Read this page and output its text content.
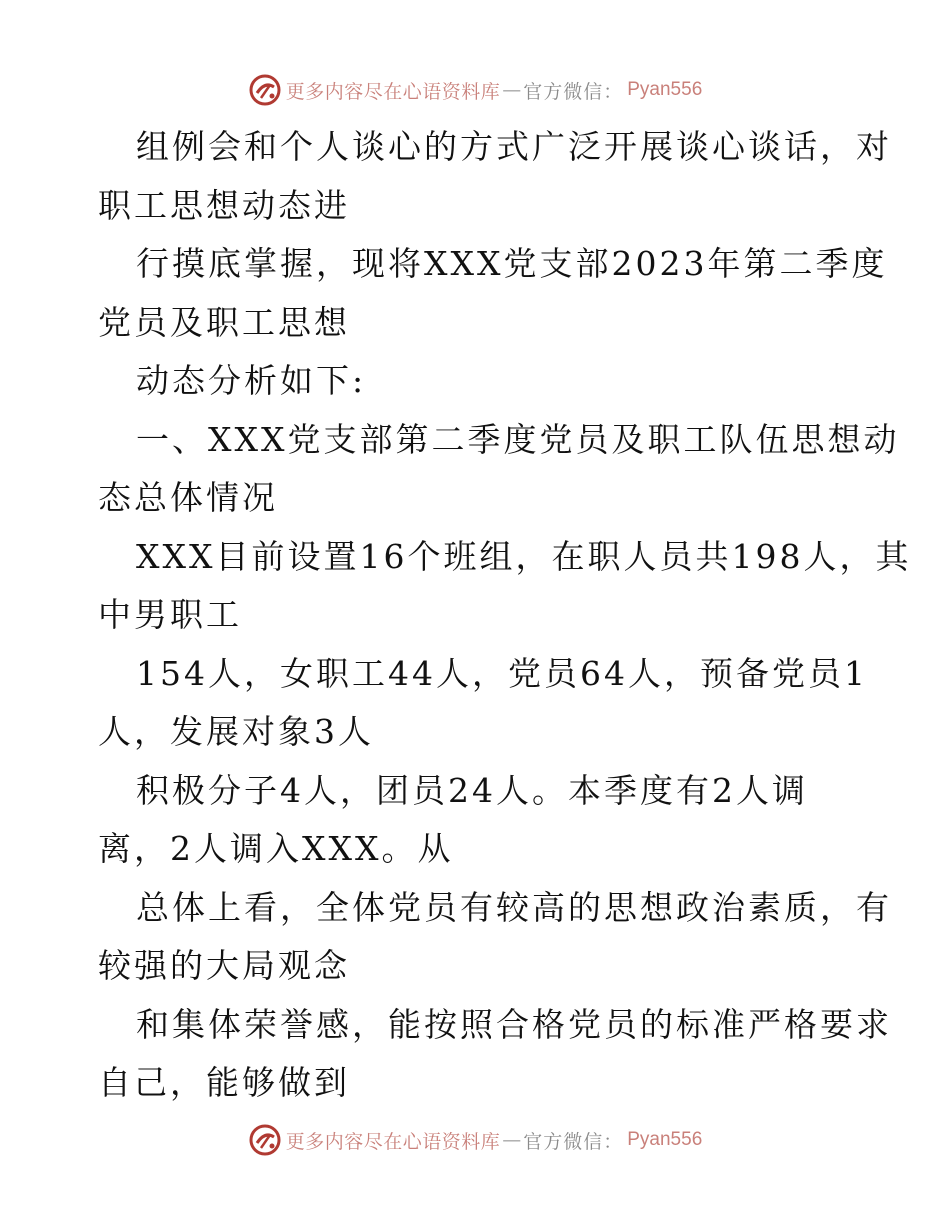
更多内容尽在心语资料库 — 官方微信： Pyan556
组例会和个人谈心的方式广泛开展谈心谈话，对
职工思想动态进
行摸底掌握，现将XXX党支部2023年第二季度
党员及职工思想
动态分析如下:
一、XXX党支部第二季度党员及职工队伍思想动
态总体情况
XXX目前设置16个班组，在职人员共198人，其
中男职工
154人，女职工44人，党员64人，预备党员1
人，发展对象3人
积极分子4人，团员24人。本季度有2人调
离，2人调入XXX。从
总体上看，全体党员有较高的思想政治素质，有
较强的大局观念
和集体荣誉感，能按照合格党员的标准严格要求
自己，能够做到
更多内容尽在心语资料库 — 官方微信： Pyan556
